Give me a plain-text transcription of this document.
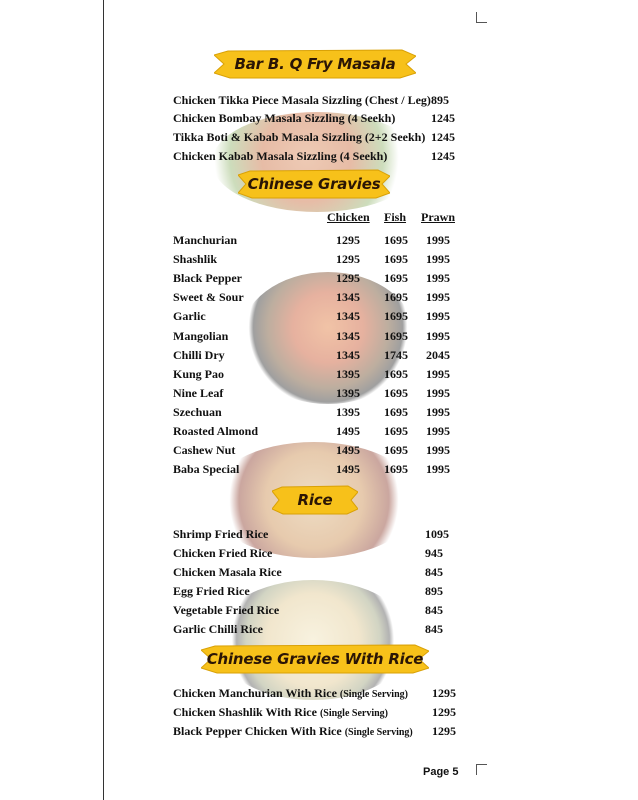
Bar B. Q Fry Masala
Chicken Tikka Piece Masala Sizzling (Chest / Leg) 895
Chicken Bombay Masala Sizzling (4 Seekh)	1245
Tikka Boti & Kabab Masala Sizzling (2+2 Seekh) 1245
Chicken Kabab Masala Sizzling (4 Seekh)	1245
Chinese Gravies
Chicken Fish Prawn
Manchurian	1295 1695 1995
Shashlik	1295 1695 1995
Black Pepper	1295 1695 1995
Sweet & Sour	1345 1695 1995
Garlic	1345 1695 1995
Mangolian	1345 1695 1995
Chilli Dry	1345 1745 2045
Kung Pao	1395 1695 1995
Nine Leaf	1395 1695 1995
Szechuan	1395 1695 1995
Roasted Almond	1495 1695 1995
Cashew Nut	1495 1695 1995
Baba Special	1495 1695 1995
Rice
Shrimp Fried Rice	1095
Chicken Fried Rice	945
Chicken Masala Rice	845
Egg Fried Rice	895
Vegetable Fried Rice	845
Garlic Chilli Rice	845
Chinese Gravies With Rice
Chicken Manchurian With Rice (Single Serving) 1295
Chicken Shashlik With Rice (Single Serving)	1295
Black Pepper Chicken With Rice (Single Serving) 1295
Page 5
